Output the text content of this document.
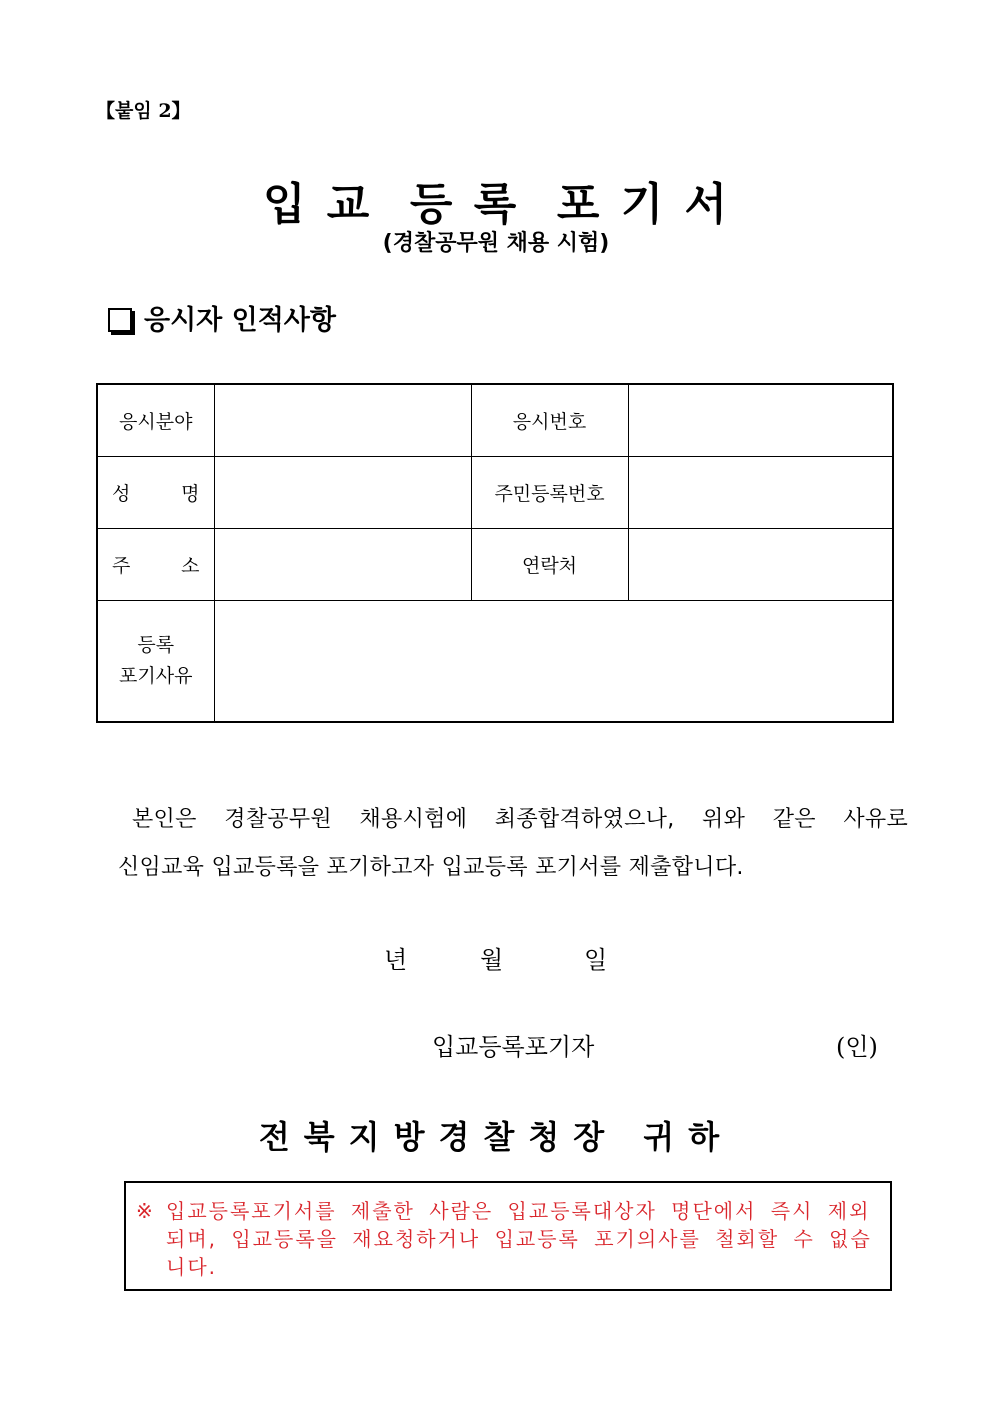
【붙임 2】
입 교  등 록  포 기 서
(경찰공무원 채용 시험)
응시자 인적사항
응시분야		응시번호	

성 명		주민등록번호	

주 소		연락처	

등록
포기사유			

본인은 경찰공무원 채용시험에 최종합격하였으나, 위와 같은 사유로
신임교육 입교등록을 포기하고자 입교등록 포기서를 제출합니다.
년	월	일
입교등록포기자	(인)
전북지방경찰청장 귀하
※ 입교등록포기서를 제출한 사람은 입교등록대상자 명단에서 즉시 제외되며, 입교등록을 재요청하거나 입교등록 포기의사를 철회할 수 없습니다.
